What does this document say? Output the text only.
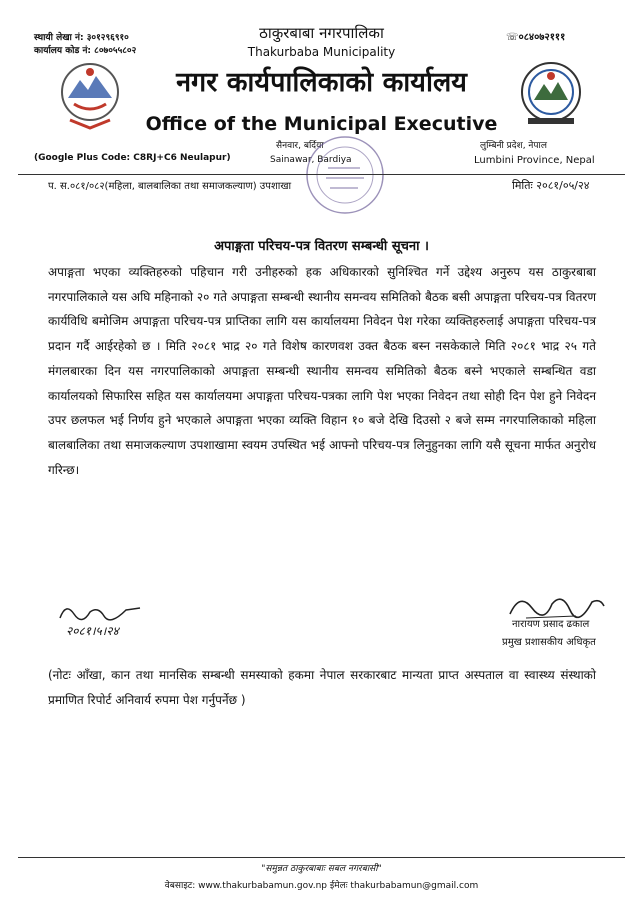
स्थायी लेखा नं: ३०१२९६९१०
कार्यालय कोड नं: ८०७०५५८०२
ठाकुरबाबा नगरपालिका
Thakurbaba Municipality
☏०८४०७२१११
नगर कार्यपालिकाको कार्यालय
Office of the Municipal Executive
(Google Plus Code: C8RJ+C6 Neulapur)
सैनवार, बर्दिया
Sainawar, Bardiya
लुम्बिनी प्रदेश, नेपाल
Lumbini Province, Nepal
प. स.०८१/०८२(महिला, बालबालिका तथा समाजकल्याण) उपशाखा	मितिः २०८१/०५/२४
अपाङ्गता परिचय-पत्र वितरण सम्बन्धी सूचना ।

अपाङ्गता भएका व्यक्तिहरुको पहिचान गरी उनीहरुको हक अधिकारको सुनिश्चित गर्ने उद्देश्य अनुरुप यस ठाकुरबाबा नगरपालिकाले यस अघि महिनाको २० गते अपाङ्गता सम्बन्धी स्थानीय समन्वय समितिको बैठक बसी अपाङ्गता परिचय-पत्र वितरण कार्यविधि बमोजिम अपाङ्गता परिचय-पत्र प्राप्तिका लागि यस कार्यालयमा निवेदन पेश गरेका व्यक्तिहरुलाई अपाङ्गता परिचय-पत्र प्रदान गर्दै आईरहेको छ । मिति २०८१ भाद्र २० गते विशेष कारणवश उक्त बैठक बस्न नसकेकाले मिति २०८१ भाद्र २५ गते मंगलबारका दिन यस नगरपालिकाको अपाङ्गता सम्बन्धी स्थानीय समन्वय समितिको बैठक बस्ने भएकाले सम्बन्धित वडा कार्यालयको सिफारिस सहित यस कार्यालयमा अपाङ्गता परिचय-पत्रका लागि पेश भएका निवेदन तथा सोही दिन पेश हुने निवेदन उपर छलफल भई निर्णय हुने भएकाले अपाङ्गता भएका व्यक्ति विहान १० बजे देखि दिउसो २ बजे सम्म नगरपालिकाको महिला बालबालिका तथा समाजकल्याण उपशाखामा स्वयम उपस्थित भई आफ्नो परिचय-पत्र लिनुहुनका लागि यसै सूचना मार्फत अनुरोध गरिन्छ।

२०८१।५।२४	नारायण प्रसाद ढकाल
प्रमुख प्रशासकीय अधिकृत

(नोटः आँखा, कान तथा मानसिक सम्बन्धी समस्याको हकमा नेपाल सरकारबाट मान्यता प्राप्त अस्पताल वा स्वास्थ्य संस्थाको प्रमाणित रिपोर्ट अनिवार्य रुपमा पेश गर्नुपर्नेछ )

"समुन्नत ठाकुरबाबाः सबल नगरबासी"
वेबसाइट: www.thakurbabamun.gov.np ईमेलः thakurbabamun@gmail.com
